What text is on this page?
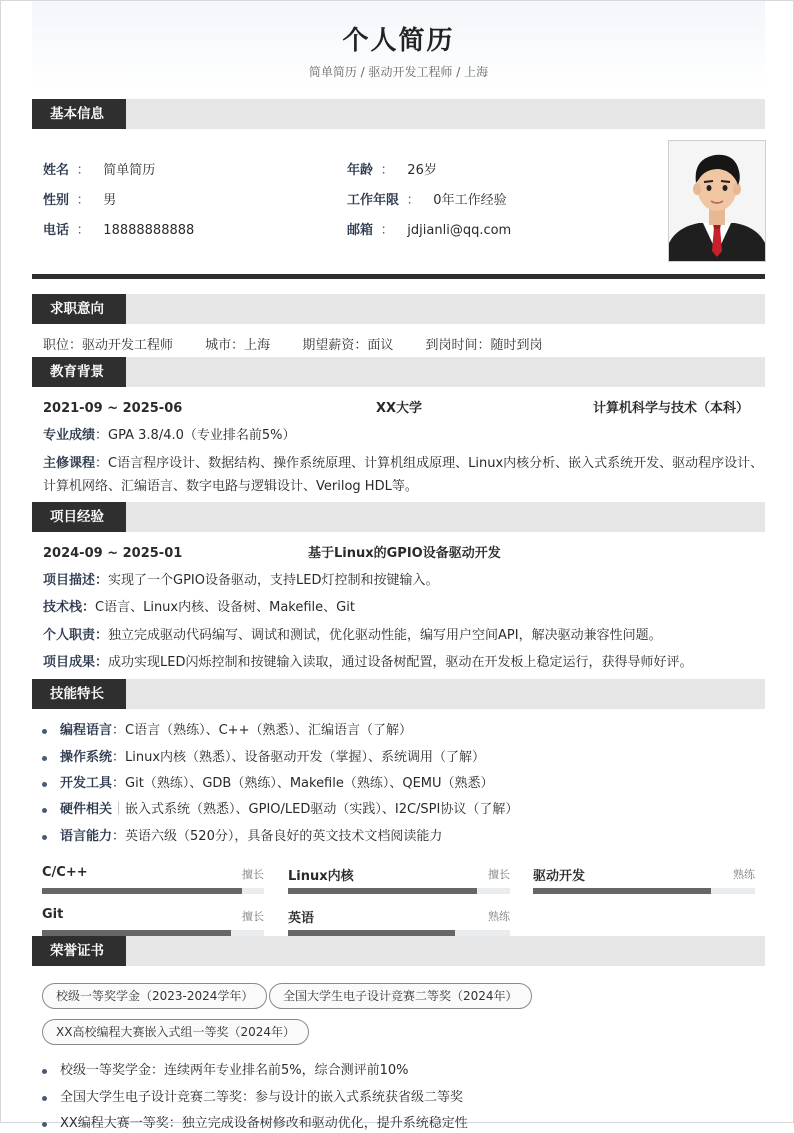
个人简历
简单简历 / 驱动开发工程师 / 上海
基本信息
姓名 ： 简单简历	年龄 ： 26岁
性别 ： 男	工作年限 ： 0年工作经验
电话 ： 18888888888	邮箱 ： jdjianli@qq.com
求职意向
职位：驱动开发工程师 城市：上海 期望薪资：面议 到岗时间：随时到岗
教育背景
2021-09 ~ 2025-06	XX大学	计算机科学与技术（本科）
专业成绩：GPA 3.8/4.0（专业排名前5%）
主修课程：C语言程序设计、数据结构、操作系统原理、计算机组成原理、Linux内核分析、嵌入式系统开发、驱动程序设计、
计算机网络、汇编语言、数字电路与逻辑设计、Verilog HDL等。
项目经验
2024-09 ~ 2025-01	基于Linux的GPIO设备驱动开发
项目描述：实现了一个GPIO设备驱动，支持LED灯控制和按键输入。
技术栈：C语言、Linux内核、设备树、Makefile、Git
个人职责：独立完成驱动代码编写、调试和测试，优化驱动性能，编写用户空间API，解决驱动兼容性问题。
项目成果：成功实现LED闪烁控制和按键输入读取，通过设备树配置，驱动在开发板上稳定运行，获得导师好评。
技能特长
编程语言：C语言（熟练）、C++（熟悉）、汇编语言（了解）
操作系统：Linux内核（熟悉）、设备驱动开发（掌握）、系统调用（了解）
开发工具：Git（熟练）、GDB（熟练）、Makefile（熟练）、QEMU（熟悉）
硬件相关｜嵌入式系统（熟悉）、GPIO/LED驱动（实践）、I2C/SPI协议（了解）
语言能力：英语六级（520分），具备良好的英文技术文档阅读能力
C/C++	擅长 Linux内核	擅长 驱动开发	熟练
Git	擅长 英语	熟练
荣誉证书
校级一等奖学金（2023-2024学年）	全国大学生电子设计竞赛二等奖（2024年）
XX高校编程大赛嵌入式组一等奖（2024年）
校级一等奖学金：连续两年专业排名前5%，综合测评前10%
全国大学生电子设计竞赛二等奖：参与设计的嵌入式系统获省级二等奖
XX编程大赛一等奖：独立完成设备树修改和驱动优化，提升系统稳定性
